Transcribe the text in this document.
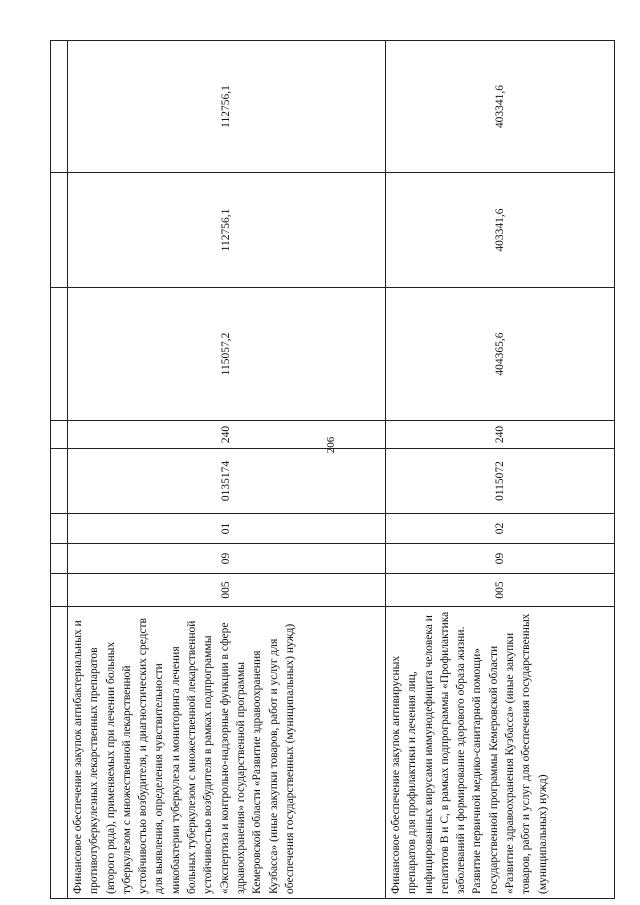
206

Финансовое обеспечение закупок антибактериальных и противотуберкулезных лекарственных препаратов (второго ряда), применяемых при лечении больных туберкулезом с множественной лекарственной устойчивостью возбудителя, и диагностических средств для выявления, определения чувствительности микобактерии туберкулеза и мониторинга лечения больных туберкулезом с множественной лекарственной устойчивостью возбудителя в рамках подпрограммы «Экспертиза и контрольно-надзорные функции в сфере здравоохранения» государственной программы Кемеровской области «Развитие здравоохранения Кузбасса» (иные закупки товаров, работ и услуг для обеспечения государственных (муниципальных) нужд)	005	09	01	0135174	240	115057,2	112756,1	112756,1
Финансовое обеспечение закупок антивирусных препаратов для профилактики и лечения лиц, инфицированных вирусами иммунодефицита человека и гепатитов B и C, в рамках подпрограммы «Профилактика заболеваний и формирование здорового образа жизни. Развитие первичной медико-санитарной помощи» государственной программы Кемеровской области «Развитие здравоохранения Кузбасса» (иные закупки товаров, работ и услуг для обеспечения государственных (муниципальных) нужд)	005	09	02	0115072	240	404365,6	403341,6	403341,6
